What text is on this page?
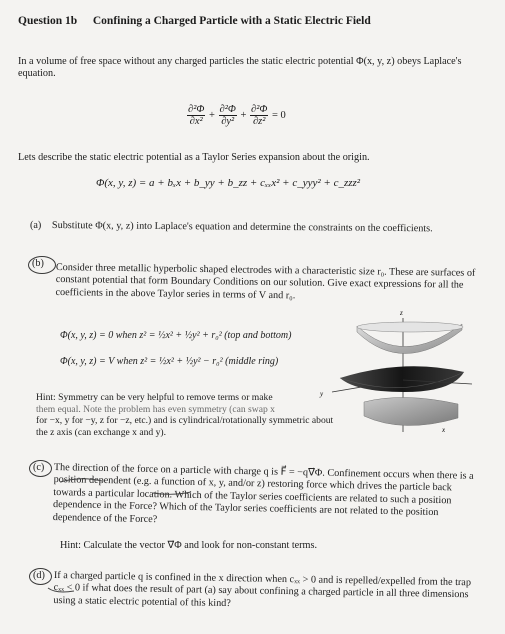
Question 1b Confining a Charged Particle with a Static Electric Field
In a volume of free space without any charged particles the static electric potential Φ(x, y, z) obeys Laplace's equation.
$\frac{\text{∂²Φ}}{\text{∂x²}} + \frac{\text{∂²Φ}}{\text{∂y²}} + \frac{\text{∂²Φ}}{\text{∂z²}} = 0$
Lets describe the static electric potential as a Taylor Series expansion about the origin.
Φ(x, y, z) = a + bₓx + b_yy + b_zz + cₓₓx² + c_yyy² + c_zzz²
(a)	Substitute Φ(x, y, z) into Laplace's equation and determine the constraints on the coefficients.
(b) Consider three metallic hyperbolic shaped electrodes with a characteristic size r₀. These are surfaces of constant potential that form Boundary Conditions on our solution. Give exact expressions for all the coefficients in the above Taylor series in terms of V and r₀.
Φ(x, y, z) = 0 when z² = ½x² + ½y² + r₀² (top and bottom)
Φ(x, y, z) = V when z² = ½x² + ½y² − r₀² (middle ring)
Hint: Symmetry can be very helpful to remove terms or make
them equal. Note the problem has even symmetry (can swap x
for −x, y for −y, z for −z, etc.) and is cylindrical/rotationally symmetric about the z axis (can exchange x and y).
z
y
x
(c) The direction of the force on a particle with charge q is F⃗ = −q∇⃗Φ. Confinement occurs when there is a position dependent (e.g. a function of x, y, and/or z) restoring force which drives the particle back towards a particular location. Which of the Taylor series coefficients are related to such a position dependence in the Force? Which of the Taylor series coefficients are not related to the position dependence of the Force?
Hint: Calculate the vector ∇⃗Φ and look for non-constant terms.
(d) If a charged particle q is confined in the x direction when cₓₓ > 0 and is repelled/expelled from the trap cₓₓ < 0 if what does the result of part (a) say about confining a charged particle in all three dimensions using a static electric potential of this kind?
